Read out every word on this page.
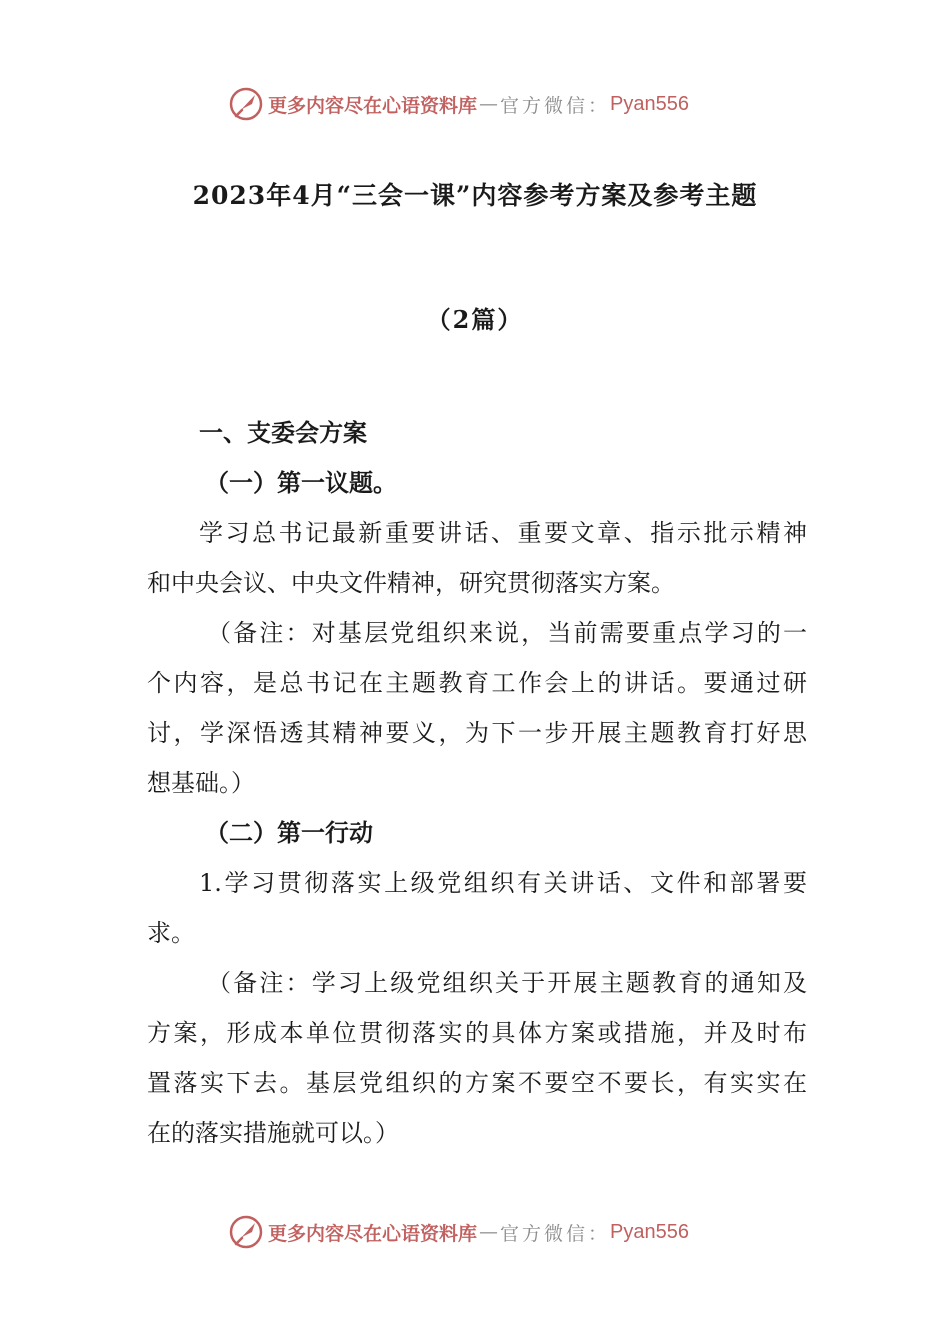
更多内容尽在心语资料库 — 官方微信： Pyan556
2023年4月“三会一课”内容参考方案及参考主题
（2篇）
一、支委会方案
（一）第一议题。
学习总书记最新重要讲话、重要文章、指示批示精神
和中央会议、中央文件精神，研究贯彻落实方案。
（备注：对基层党组织来说，当前需要重点学习的一
个内容，是总书记在主题教育工作会上的讲话。要通过研
讨，学深悟透其精神要义，为下一步开展主题教育打好思
想基础。）
（二）第一行动
1.学习贯彻落实上级党组织有关讲话、文件和部署要
求。
（备注：学习上级党组织关于开展主题教育的通知及
方案，形成本单位贯彻落实的具体方案或措施，并及时布
置落实下去。基层党组织的方案不要空不要长，有实实在
在的落实措施就可以。）
更多内容尽在心语资料库 — 官方微信： Pyan556
